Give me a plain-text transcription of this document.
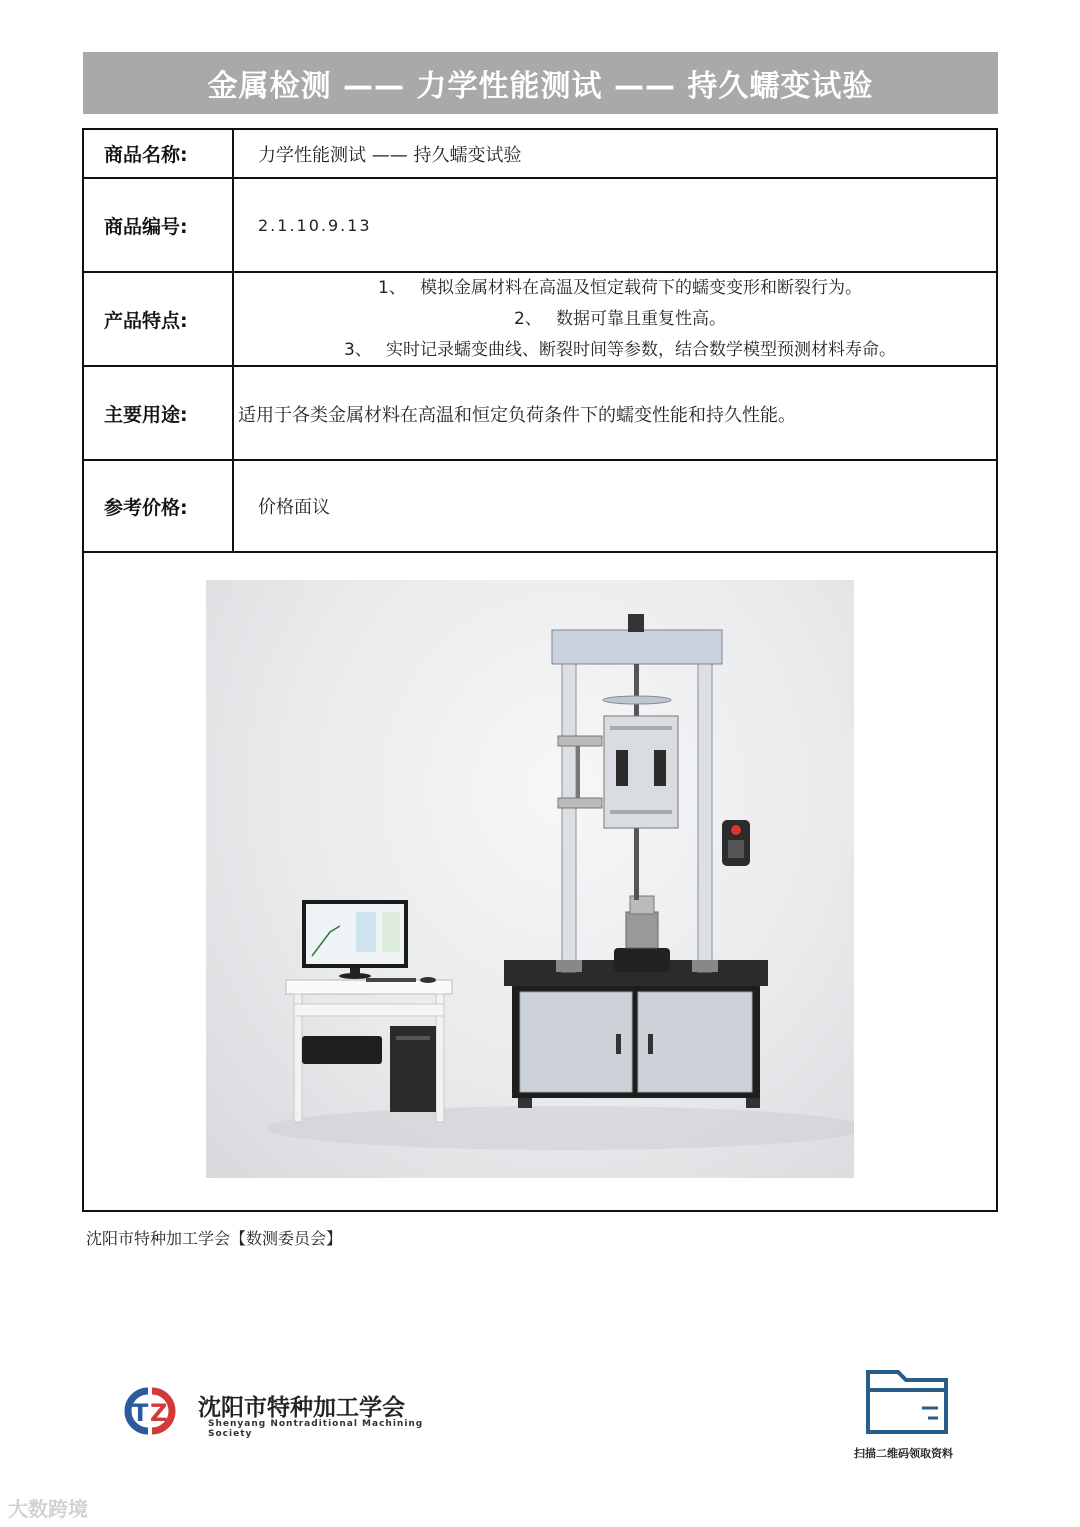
金属检测 —— 力学性能测试 —— 持久蠕变试验
商品名称:	力学性能测试 —— 持久蠕变试验
商品编号:	2.1.10.9.13
产品特点:
1、 模拟金属材料在高温及恒定载荷下的蠕变变形和断裂行为。
2、 数据可靠且重复性高。
3、 实时记录蠕变曲线、断裂时间等参数，结合数学模型预测材料寿命。
主要用途:	适用于各类金属材料在高温和恒定负荷条件下的蠕变性能和持久性能。
参考价格:	价格面议
沈阳市特种加工学会【数测委员会】
T Z 沈阳市特种加工学会
Shenyang Nontraditional Machining Society
扫描二维码领取资料
大数跨境
